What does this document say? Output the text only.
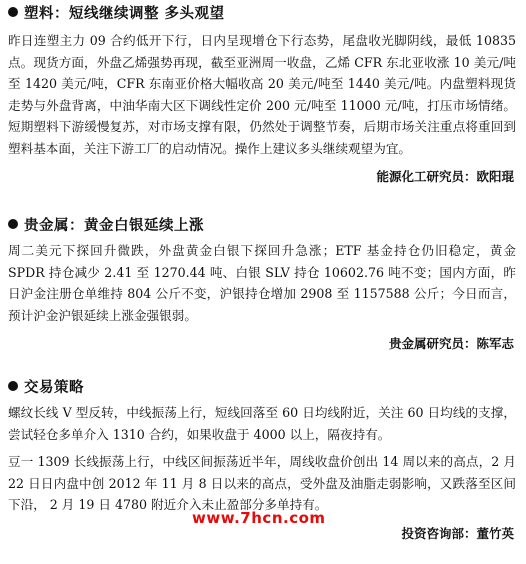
塑料：短线继续调整 多头观望

昨日连塑主力 09 合约低开下行，日内呈现增仓下行态势，尾盘收光脚阴线，最低 10835 点。现货方面，外盘乙烯强势再现，截至亚洲周一收盘，乙烯 CFR 东北亚收涨 10 美元/吨至 1420 美元/吨，CFR 东南亚价格大幅收高 20 美元/吨至 1440 美元/吨。内盘塑料现货走势与外盘背离，中油华南大区下调线性定价 200 元/吨至 11000 元/吨，打压市场情绪。短期塑料下游缓慢复苏，对市场支撑有限，仍然处于调整节奏，后期市场关注重点将重回到塑料基本面，关注下游工厂的启动情况。操作上建议多头继续观望为宜。

能源化工研究员：欧阳琨
贵金属：黄金白银延续上涨

周二美元下探回升微跌，外盘黄金白银下探回升急涨；ETF 基金持仓仍旧稳定，黄金 SPDR 持仓减少 2.41 至 1270.44 吨、白银 SLV 持仓 10602.76 吨不变；国内方面，昨日沪金注册仓单维持 804 公斤不变，沪银持仓增加 2908 至 1157588 公斤；今日而言，预计沪金沪银延续上涨金强银弱。

贵金属研究员：陈军志
交易策略

螺纹长线 V 型反转，中线振荡上行，短线回落至 60 日均线附近，关注 60 日均线的支撑，尝试轻仓多单介入 1310 合约，如果收盘于 4000 以上，隔夜持有。

豆一 1309 长线振荡上行，中线区间振荡近半年，周线收盘价创出 14 周以来的高点，2 月 22 日日内盘中创 2012 年 11 月 8 日以来的高点，受外盘及油脂走弱影响，又跌落至区间下沿， 2 月 19 日 4780 附近介入未止盈部分多单持有。

投资咨询部：董竹英
www.7hcn.com
